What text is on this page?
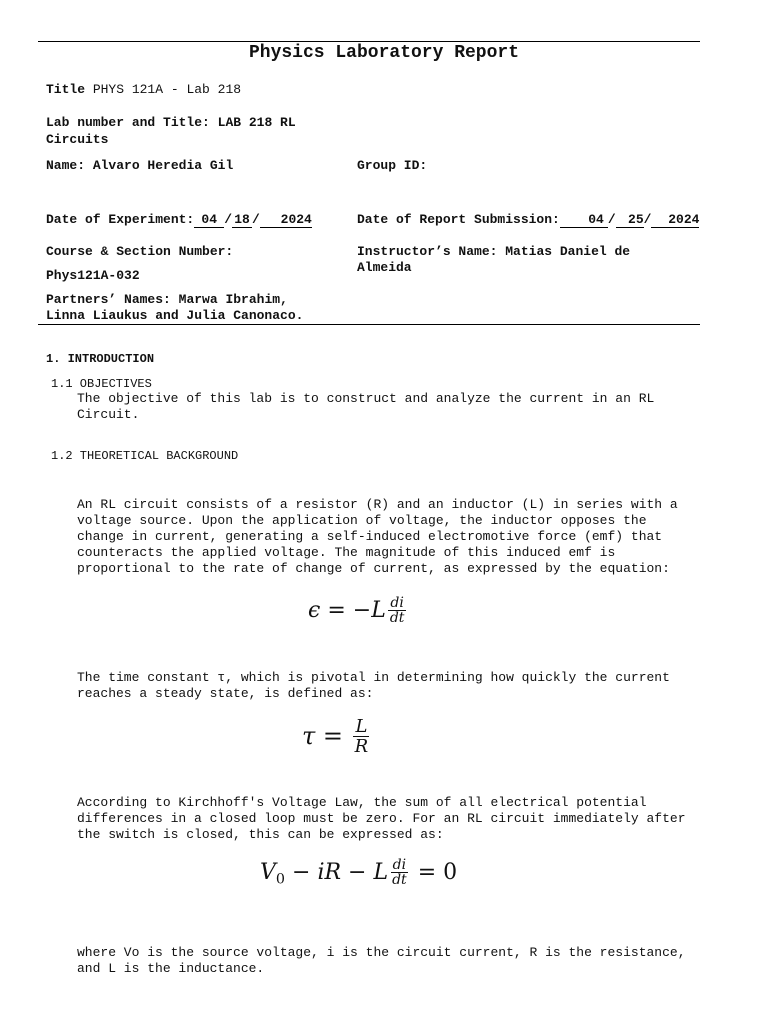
Physics Laboratory Report
Title PHYS 121A - Lab 218
Lab number and Title: LAB 218 RL
Circuits
Name: Alvaro Heredia Gil	Group ID:
Date of Experiment: 04 / 18 / 2024	Date of Report Submission: 04 / 25/ 2024
Course & Section Number:
Phys121A-032
Instructor’s Name: Matias Daniel de
Almeida
Partners’ Names: Marwa Ibrahim,
Linna Liaukus and Julia Canonaco.
1. INTRODUCTION
1.1 OBJECTIVES
The objective of this lab is to construct and analyze the current in an RL
Circuit.
1.2 THEORETICAL BACKGROUND
An RL circuit consists of a resistor (R) and an inductor (L) in series with a
voltage source. Upon the application of voltage, the inductor opposes the
change in current, generating a self-induced electromotive force (emf) that
counteracts the applied voltage. The magnitude of this induced emf is
proportional to the rate of change of current, as expressed by the equation:
$\epsilon = -L \frac{di}{dt}$
The time constant τ, which is pivotal in determining how quickly the current
reaches a steady state, is defined as:
$\tau = \frac{L}{R}$
According to Kirchhoff's Voltage Law, the sum of all electrical potential
differences in a closed loop must be zero. For an RL circuit immediately after
the switch is closed, this can be expressed as:
$V_0$ − iR − L $\frac{di}{dt} = 0$
where Vo is the source voltage, i is the circuit current, R is the resistance,
and L is the inductance.
